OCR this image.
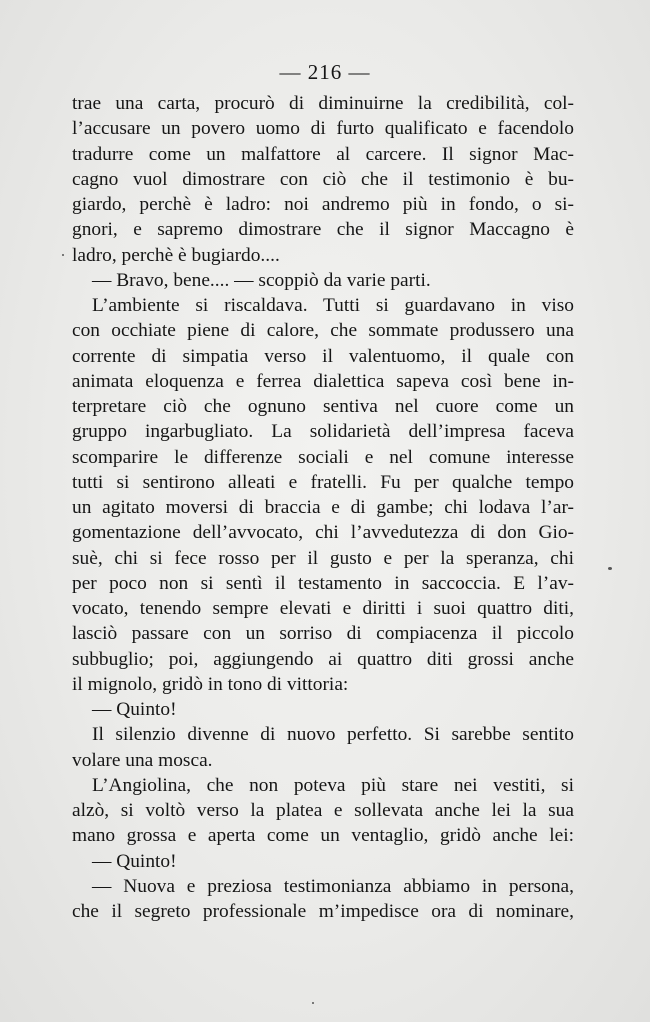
— 216 —
trae una carta, procurò di diminuirne la credibilità, col-
l’accusare un povero uomo di furto qualificato e facendolo
tradurre come un malfattore al carcere. Il signor Mac-
cagno vuol dimostrare con ciò che il testimonio è bu-
giardo, perchè è ladro: noi andremo più in fondo, o si-
gnori, e sapremo dimostrare che il signor Maccagno è
ladro, perchè è bugiardo....
— Bravo, bene.... — scoppiò da varie parti.
L’ambiente si riscaldava. Tutti si guardavano in viso
con occhiate piene di calore, che sommate produssero una
corrente di simpatia verso il valentuomo, il quale con
animata eloquenza e ferrea dialettica sapeva così bene in-
terpretare ciò che ognuno sentiva nel cuore come un
gruppo ingarbugliato. La solidarietà dell’impresa faceva
scomparire le differenze sociali e nel comune interesse
tutti si sentirono alleati e fratelli. Fu per qualche tempo
un agitato moversi di braccia e di gambe; chi lodava l’ar-
gomentazione dell’avvocato, chi l’avvedutezza di don Gio-
suè, chi si fece rosso per il gusto e per la speranza, chi
per poco non si sentì il testamento in saccoccia. E l’av-
vocato, tenendo sempre elevati e diritti i suoi quattro diti,
lasciò passare con un sorriso di compiacenza il piccolo
subbuglio; poi, aggiungendo ai quattro diti grossi anche
il mignolo, gridò in tono di vittoria:
— Quinto!
Il silenzio divenne di nuovo perfetto. Si sarebbe sentito
volare una mosca.
L’Angiolina, che non poteva più stare nei vestiti, si
alzò, si voltò verso la platea e sollevata anche lei la sua
mano grossa e aperta come un ventaglio, gridò anche lei:
— Quinto!
— Nuova e preziosa testimonianza abbiamo in persona,
che il segreto professionale m’impedisce ora di nominare,
